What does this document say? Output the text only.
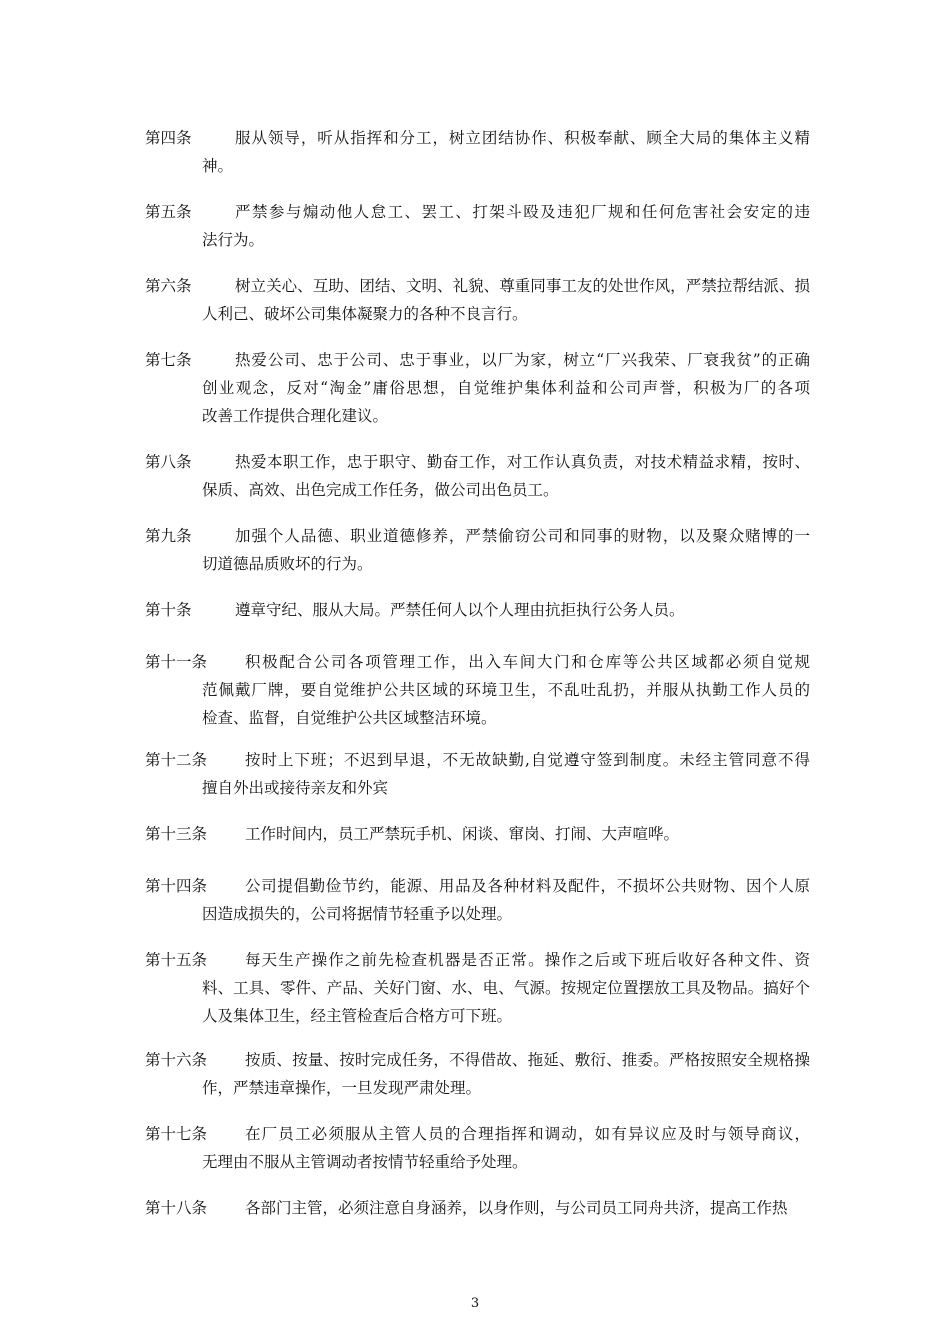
第四条	服从领导，听从指挥和分工，树立团结协作、积极奉献、顾全大局的集体主义精
神。
第五条	严禁参与煽动他人怠工、罢工、打架斗殴及违犯厂规和任何危害社会安定的违
法行为。
第六条	树立关心、互助、团结、文明、礼貌、尊重同事工友的处世作风，严禁拉帮结派、损
人利己、破坏公司集体凝聚力的各种不良言行。
第七条	热爱公司、忠于公司、忠于事业，以厂为家，树立“厂兴我荣、厂衰我贫”的正确
创业观念，反对“淘金”庸俗思想，自觉维护集体利益和公司声誉，积极为厂的各项
改善工作提供合理化建议。
第八条	热爱本职工作，忠于职守、勤奋工作，对工作认真负责，对技术精益求精，按时、
保质、高效、出色完成工作任务，做公司出色员工。
第九条	加强个人品德、职业道德修养，严禁偷窃公司和同事的财物，以及聚众赌博的一
切道德品质败坏的行为。
第十条	遵章守纪、服从大局。严禁任何人以个人理由抗拒执行公务人员。
第十一条 积极配合公司各项管理工作，出入车间大门和仓库等公共区域都必须自觉规
范佩戴厂牌，要自觉维护公共区域的环境卫生，不乱吐乱扔，并服从执勤工作人员的
检查、监督，自觉维护公共区域整洁环境。
第十二条 按时上下班；不迟到早退，不无故缺勤,自觉遵守签到制度。未经主管同意不得
擅自外出或接待亲友和外宾
第十三条 工作时间内，员工严禁玩手机、闲谈、窜岗、打闹、大声喧哗。
第十四条 公司提倡勤俭节约，能源、用品及各种材料及配件，不损坏公共财物、因个人原
因造成损失的，公司将据情节轻重予以处理。
第十五条 每天生产操作之前先检查机器是否正常。操作之后或下班后收好各种文件、资
料、工具、零件、产品、关好门窗、水、电、气源。按规定位置摆放工具及物品。搞好个
人及集体卫生，经主管检查后合格方可下班。
第十六条 按质、按量、按时完成任务，不得借故、拖延、敷衍、推委。严格按照安全规格操
作，严禁违章操作，一旦发现严肃处理。
第十七条 在厂员工必须服从主管人员的合理指挥和调动，如有异议应及时与领导商议，
无理由不服从主管调动者按情节轻重给予处理。
第十八条 各部门主管，必须注意自身涵养，以身作则，与公司员工同舟共济，提高工作热
3
